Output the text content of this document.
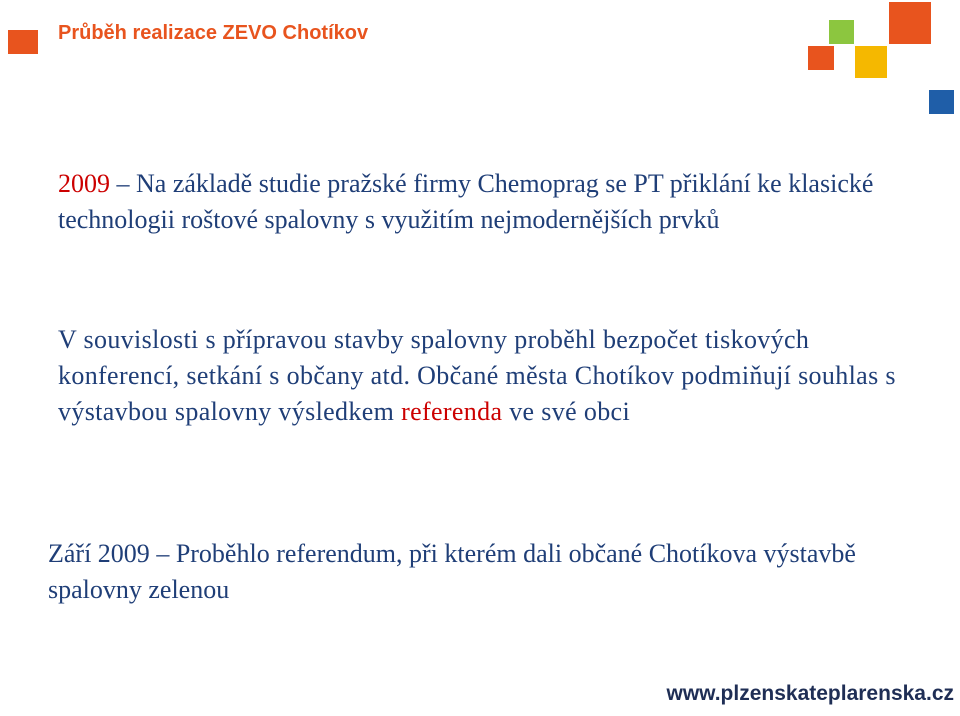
Průběh realizace ZEVO Chotíkov
2009 – Na základě studie pražské firmy Chemoprag se PT přiklání ke klasické technologii roštové spalovny s využitím nejmodernějších prvků
V souvislosti s přípravou stavby spalovny proběhl bezpočet tiskových konferencí, setkání s občany atd. Občané města Chotíkov podmiňují souhlas s výstavbou spalovny výsledkem referenda ve své obci
Září 2009 – Proběhlo referendum, při kterém dali občané Chotíkova výstavbě spalovny zelenou
www.plzenskateplarenska.cz
